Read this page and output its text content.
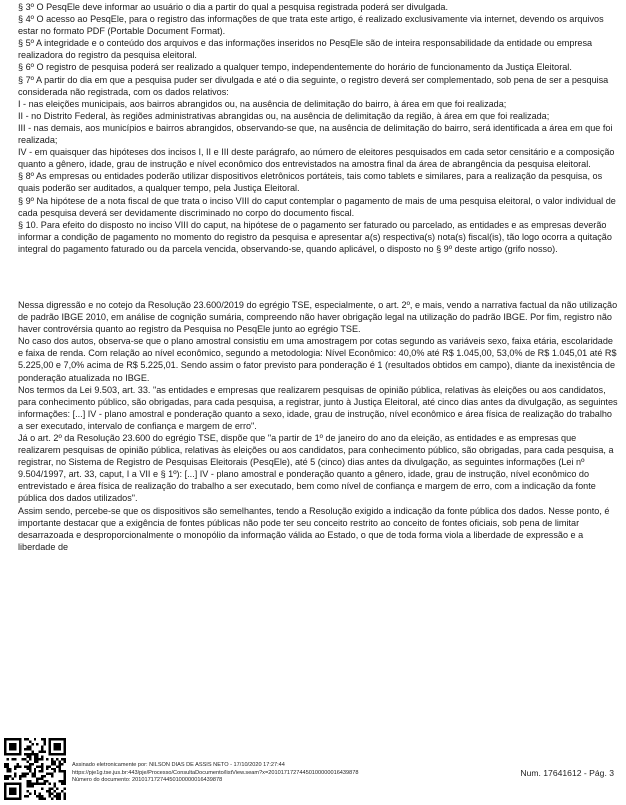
§ 3º O PesqEle deve informar ao usuário o dia a partir do qual a pesquisa registrada poderá ser divulgada.

§ 4º O acesso ao PesqEle, para o registro das informações de que trata este artigo, é realizado exclusivamente via internet, devendo os arquivos estar no formato PDF (Portable Document Format).

§ 5º A integridade e o conteúdo dos arquivos e das informações inseridos no PesqEle são de inteira responsabilidade da entidade ou empresa realizadora do registro da pesquisa eleitoral.

§ 6º O registro de pesquisa poderá ser realizado a qualquer tempo, independentemente do horário de funcionamento da Justiça Eleitoral.

§ 7º A partir do dia em que a pesquisa puder ser divulgada e até o dia seguinte, o registro deverá ser complementado, sob pena de ser a pesquisa considerada não registrada, com os dados relativos:

I - nas eleições municipais, aos bairros abrangidos ou, na ausência de delimitação do bairro, à área em que foi realizada;

II - no Distrito Federal, às regiões administrativas abrangidas ou, na ausência de delimitação da região, à área em que foi realizada;

III - nas demais, aos municípios e bairros abrangidos, observando-se que, na ausência de delimitação do bairro, será identificada a área em que foi realizada;

IV - em quaisquer das hipóteses dos incisos I, II e III deste parágrafo, ao número de eleitores pesquisados em cada setor censitário e a composição quanto a gênero, idade, grau de instrução e nível econômico dos entrevistados na amostra final da área de abrangência da pesquisa eleitoral.

§ 8º As empresas ou entidades poderão utilizar dispositivos eletrônicos portáteis, tais como tablets e similares, para a realização da pesquisa, os quais poderão ser auditados, a qualquer tempo, pela Justiça Eleitoral.

§ 9º Na hipótese de a nota fiscal de que trata o inciso VIII do caput contemplar o pagamento de mais de uma pesquisa eleitoral, o valor individual de cada pesquisa deverá ser devidamente discriminado no corpo do documento fiscal.

§ 10. Para efeito do disposto no inciso VIII do caput, na hipótese de o pagamento ser faturado ou parcelado, as entidades e as empresas deverão informar a condição de pagamento no momento do registro da pesquisa e apresentar a(s) respectiva(s) nota(s) fiscal(is), tão logo ocorra a quitação integral do pagamento faturado ou da parcela vencida, observando-se, quando aplicável, o disposto no § 9º deste artigo (grifo nosso).

Nessa digressão e no cotejo da Resolução 23.600/2019 do egrégio TSE, especialmente, o art. 2º, e mais, vendo a narrativa factual da não utilização de padrão IBGE 2010, em análise de cognição sumária, compreendo não haver obrigação legal na utilização do padrão IBGE. Por fim, registro não haver controvérsia quanto ao registro da Pesquisa no PesqEle junto ao egrégio TSE.

No caso dos autos, observa-se que o plano amostral consistiu em uma amostragem por cotas segundo as variáveis sexo, faixa etária, escolaridade e faixa de renda. Com relação ao nível econômico, segundo a metodologia: Nível Econômico: 40,0% até R$ 1.045,00, 53,0% de R$ 1.045,01 até R$ 5.225,00 e 7,0% acima de R$ 5.225,01. Sendo assim o fator previsto para ponderação é 1 (resultados obtidos em campo), diante da inexistência de ponderação atualizada no IBGE.

Nos termos da Lei 9.503, art. 33. "as entidades e empresas que realizarem pesquisas de opinião pública, relativas às eleições ou aos candidatos, para conhecimento público, são obrigadas, para cada pesquisa, a registrar, junto à Justiça Eleitoral, até cinco dias antes da divulgação, as seguintes informações: [...] IV - plano amostral e ponderação quanto a sexo, idade, grau de instrução, nível econômico e área física de realização do trabalho a ser executado, intervalo de confiança e margem de erro".

Já o art. 2º da Resolução 23.600 do egrégio TSE, dispõe que "a partir de 1º de janeiro do ano da eleição, as entidades e as empresas que realizarem pesquisas de opinião pública, relativas às eleições ou aos candidatos, para conhecimento público, são obrigadas, para cada pesquisa, a registrar, no Sistema de Registro de Pesquisas Eleitorais (PesqEle), até 5 (cinco) dias antes da divulgação, as seguintes informações (Lei nº 9.504/1997, art. 33, caput, I a VII e § 1º): [...] IV - plano amostral e ponderação quanto a gênero, idade, grau de instrução, nível econômico do entrevistado e área física de realização do trabalho a ser executado, bem como nível de confiança e margem de erro, com a indicação da fonte pública dos dados utilizados".

Assim sendo, percebe-se que os dispositivos são semelhantes, tendo a Resolução exigido a indicação da fonte pública dos dados. Nesse ponto, é importante destacar que a exigência de fontes públicas não pode ter seu conceito restrito ao conceito de fontes oficiais, sob pena de limitar desarrazoada e desproporcionalmente o monopólio da informação válida ao Estado, o que de toda forma viola a liberdade de expressão e a liberdade de

Assinado eletronicamente por: NILSON DIAS DE ASSIS NETO - 17/10/2020 17:27:44
https://pje1g.tse.jus.br:443/pje/Processo/ConsultaDocumento/listView.seam?x=20101717274450100000016439878
Número do documento: 20101717274450100000016439878
Num. 17641612 - Pág. 3
